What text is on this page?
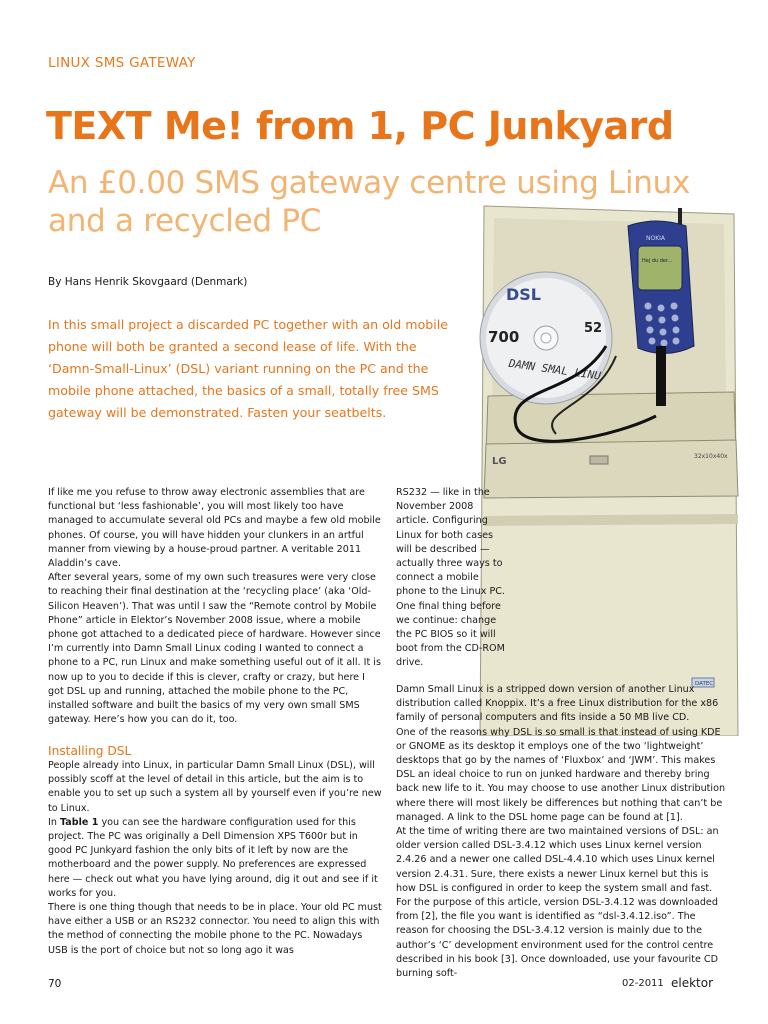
LINUX SMS GATEWAY
TEXT Me! from 1, PC Junkyard
An £0.00 SMS gateway centre using Linux and a recycled PC
By Hans Henrik Skovgaard (Denmark)
In this small project a discarded PC together with an old mobile phone will both be granted a second lease of life. With the ‘Damn-Small-Linux’ (DSL) variant running on the PC and the mobile phone attached, the basics of a small, totally free SMS gateway will be demonstrated. Fasten your seatbelts.
LG	32x10x40x
DATEC
DSL
700	52
DAMN SMAL LINU
Hej du der...
NOKIA

If like me you refuse to throw away electronic assemblies that are functional but ‘less fashionable’, you will most likely too have managed to accumulate several old PCs and maybe a few old mobile phones. Of course, you will have hidden your clunkers in an artful manner from viewing by a house-proud partner. A veritable 2011 Aladdin’s cave.

After several years, some of my own such treasures were very close to reaching their final destination at the ‘recycling place’ (aka ‘Old-Silicon Heaven’). That was until I saw the “Remote control by Mobile Phone” article in Elektor’s November 2008 issue, where a mobile phone got attached to a dedicated piece of hardware. However since I’m currently into Damn Small Linux coding I wanted to connect a phone to a PC, run Linux and make something useful out of it all. It is now up to you to decide if this is clever, crafty or crazy, but here I got DSL up and running, attached the mobile phone to the PC, installed software and built the basics of my very own small SMS gateway. Here’s how you can do it, too.

Installing DSL

People already into Linux, in particular Damn Small Linux (DSL), will possibly scoff at the level of detail in this article, but the aim is to enable you to set up such a system all by yourself even if you’re new to Linux.

In Table 1 you can see the hardware configuration used for this project. The PC was originally a Dell Dimension XPS T600r but in good PC Junkyard fashion the only bits of it left by now are the motherboard and the power supply. No preferences are expressed here — check out what you have lying around, dig it out and see if it works for you.

There is one thing though that needs to be in place. Your old PC must have either a USB or an RS232 connector. You need to align this with the method of connecting the mobile phone to the PC. Nowadays USB is the port of choice but not so long ago it was

RS232 — like in the November 2008 article. Configuring Linux for both cases will be described — actually three ways to connect a mobile phone to the Linux PC.

One final thing before we continue: change the PC BIOS so it will boot from the CD-ROM drive.

Damn Small Linux is a stripped down version of another Linux distribution called Knoppix. It’s a free Linux distribution for the x86 family of personal computers and fits inside a 50 MB live CD.

One of the reasons why DSL is so small is that instead of using KDE or GNOME as its desktop it employs one of the two ‘lightweight’ desktops that go by the names of ‘Fluxbox’ and ‘JWM’. This makes DSL an ideal choice to run on junked hardware and thereby bring back new life to it. You may choose to use another Linux distribution where there will most likely be differences but nothing that can’t be managed. A link to the DSL home page can be found at [1].

At the time of writing there are two maintained versions of DSL: an older version called DSL-3.4.12 which uses Linux kernel version 2.4.26 and a newer one called DSL-4.4.10 which uses Linux kernel version 2.4.31. Sure, there exists a newer Linux kernel but this is how DSL is configured in order to keep the system small and fast.

For the purpose of this article, version DSL-3.4.12 was downloaded from [2], the file you want is identified as “dsl-3.4.12.iso”. The reason for choosing the DSL-3.4.12 version is mainly due to the author’s ‘C’ development environment used for the control centre described in his book [3]. Once downloaded, use your favourite CD burning soft-

70	02-2011 elektor
